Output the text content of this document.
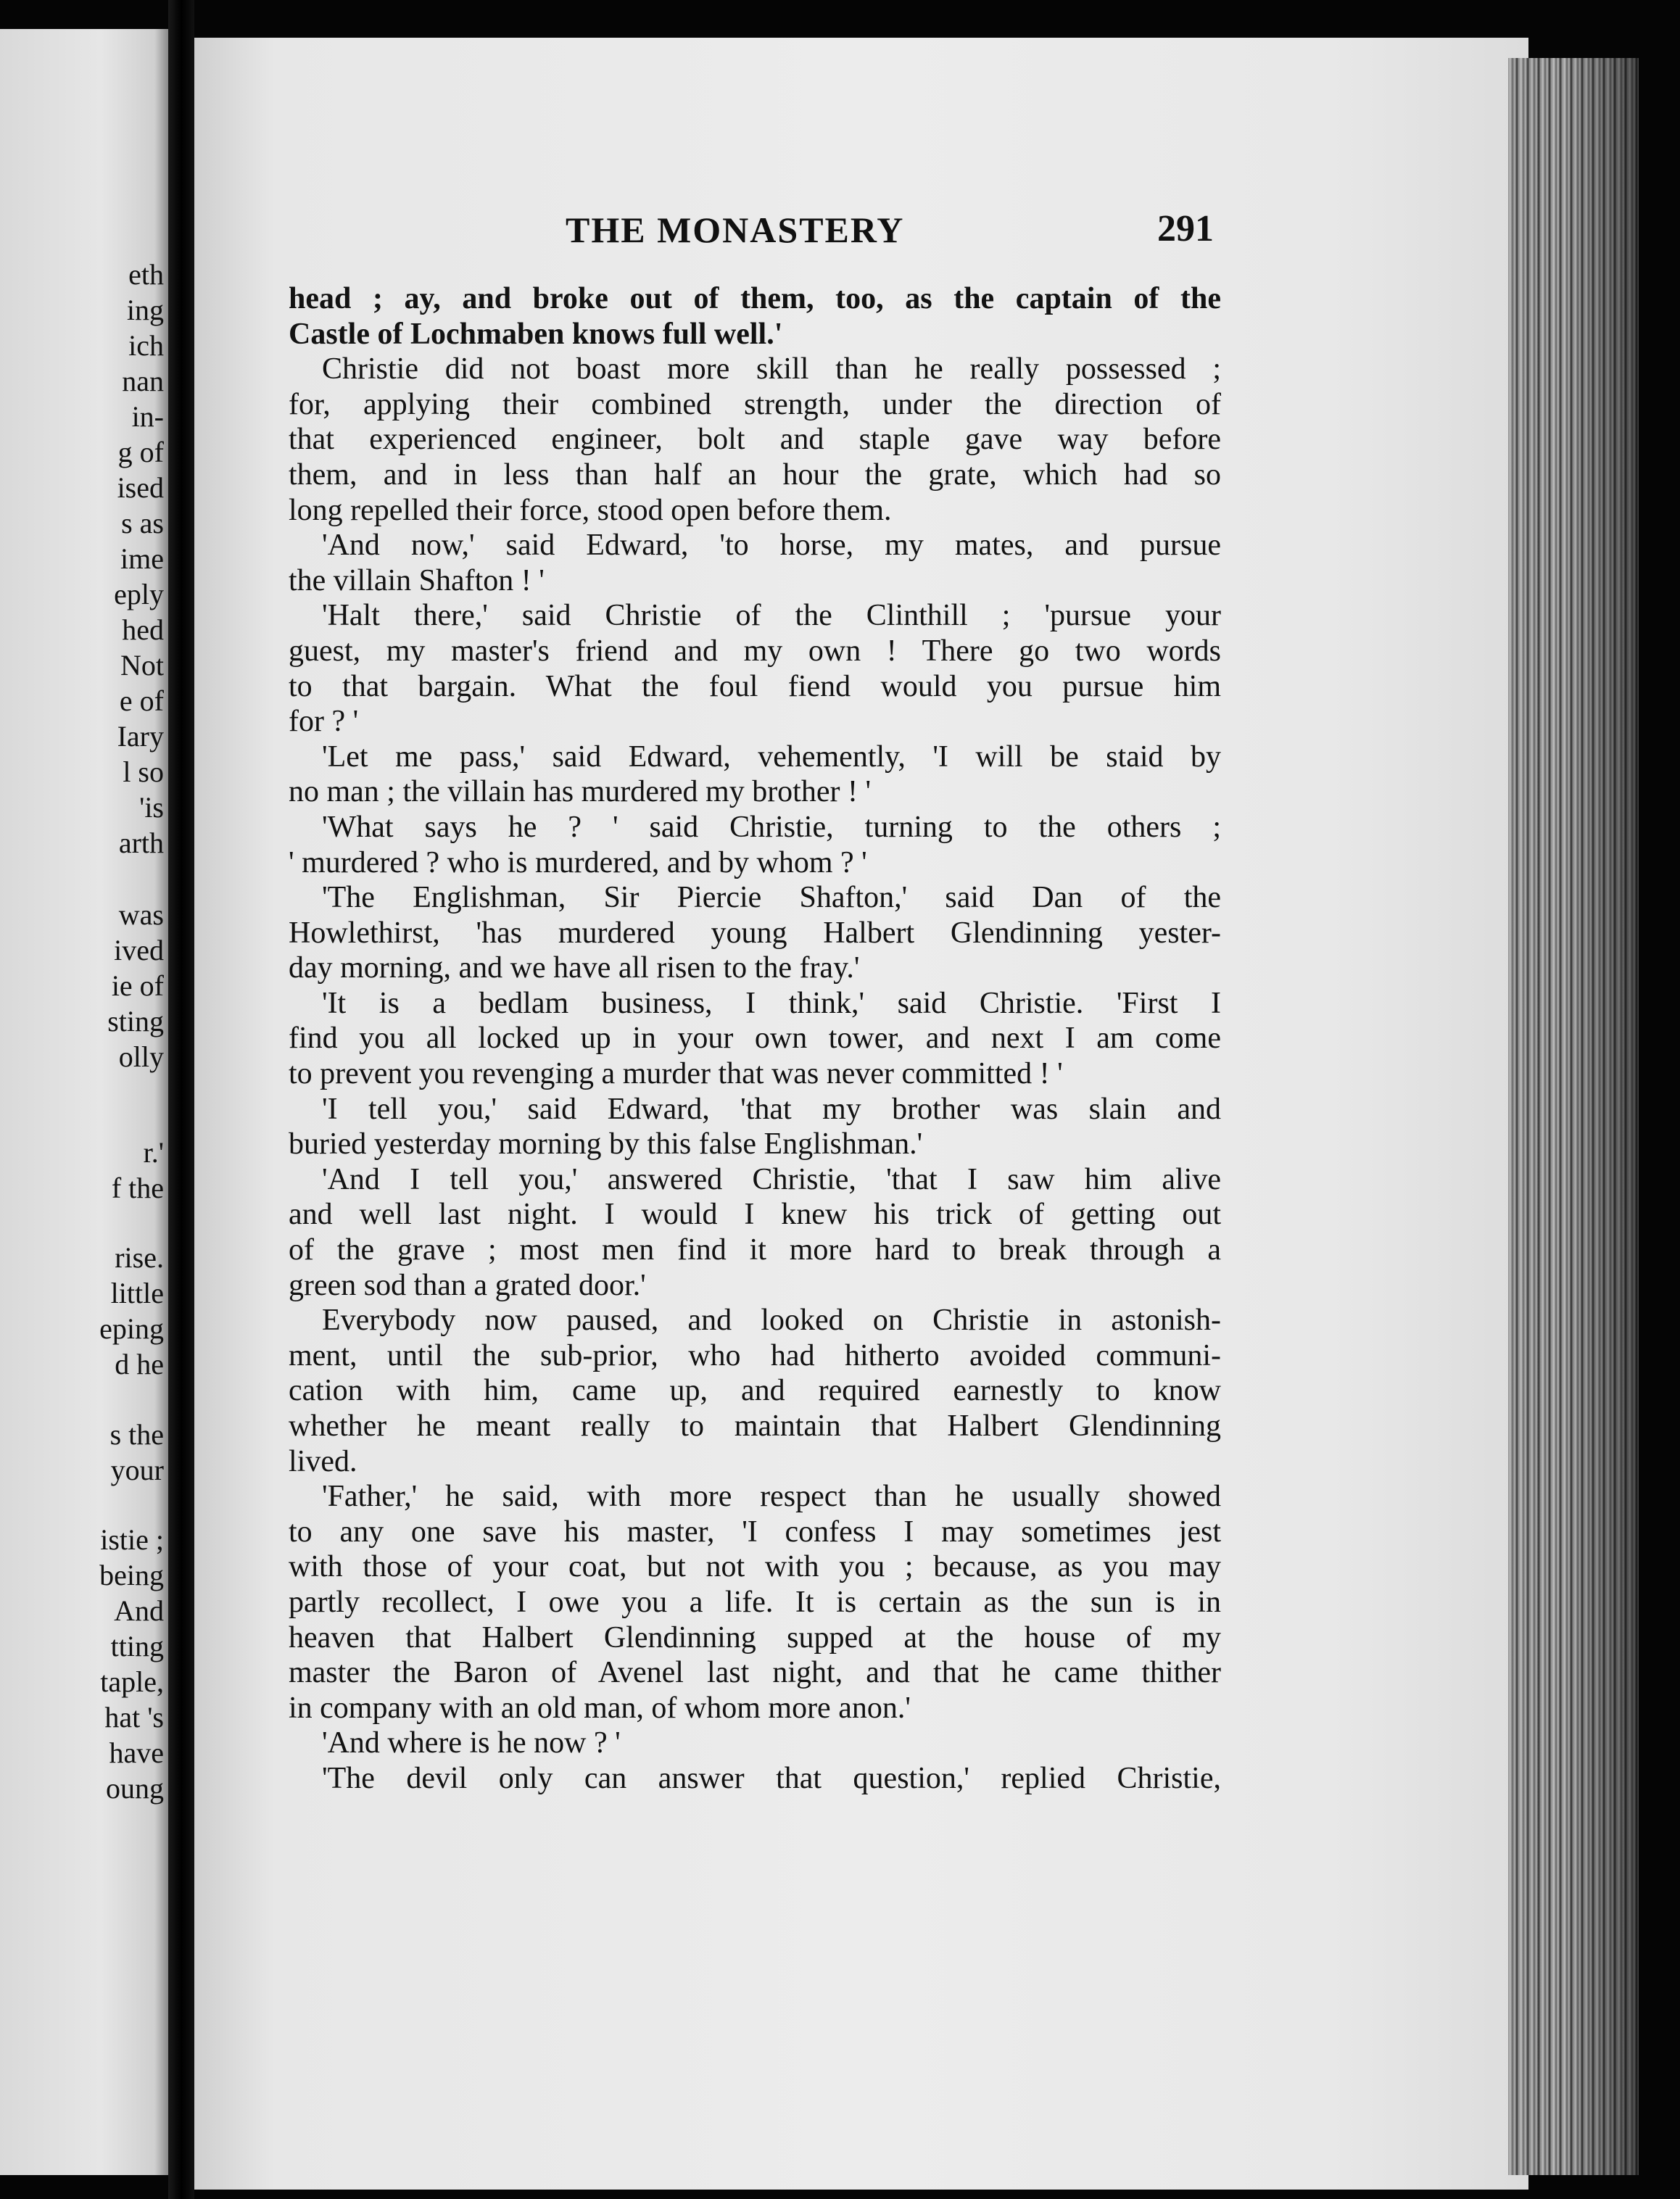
eth
ing
ich
nan
in-
g of
ised
s as
ime
eply
hed
Not
e of
Iary
l so
'is
arth
was
ived
ie of
sting
olly
r.'
f the
rise.
little
eping
d he
s the
your
istie ;
being
And
tting
taple,
hat 's
have
oung
THE MONASTERY	291
head ; ay, and broke out of them, too, as the captain of the
Castle of Lochmaben knows full well.'
Christie did not boast more skill than he really possessed ;
for, applying their combined strength, under the direction of
that experienced engineer, bolt and staple gave way before
them, and in less than half an hour the grate, which had so
long repelled their force, stood open before them.
'And now,' said Edward, 'to horse, my mates, and pursue
the villain Shafton ! '
'Halt there,' said Christie of the Clinthill ; 'pursue your
guest, my master's friend and my own ! There go two words
to that bargain. What the foul fiend would you pursue him
for ? '
'Let me pass,' said Edward, vehemently, 'I will be staid by
no man ; the villain has murdered my brother ! '
'What says he ? ' said Christie, turning to the others ;
' murdered ? who is murdered, and by whom ? '
'The Englishman, Sir Piercie Shafton,' said Dan of the
Howlethirst, 'has murdered young Halbert Glendinning yester-
day morning, and we have all risen to the fray.'
'It is a bedlam business, I think,' said Christie. 'First I
find you all locked up in your own tower, and next I am come
to prevent you revenging a murder that was never committed ! '
'I tell you,' said Edward, 'that my brother was slain and
buried yesterday morning by this false Englishman.'
'And I tell you,' answered Christie, 'that I saw him alive
and well last night. I would I knew his trick of getting out
of the grave ; most men find it more hard to break through a
green sod than a grated door.'
Everybody now paused, and looked on Christie in astonish-
ment, until the sub-prior, who had hitherto avoided communi-
cation with him, came up, and required earnestly to know
whether he meant really to maintain that Halbert Glendinning
lived.
'Father,' he said, with more respect than he usually showed
to any one save his master, 'I confess I may sometimes jest
with those of your coat, but not with you ; because, as you may
partly recollect, I owe you a life. It is certain as the sun is in
heaven that Halbert Glendinning supped at the house of my
master the Baron of Avenel last night, and that he came thither
in company with an old man, of whom more anon.'
'And where is he now ? '
'The devil only can answer that question,' replied Christie,
